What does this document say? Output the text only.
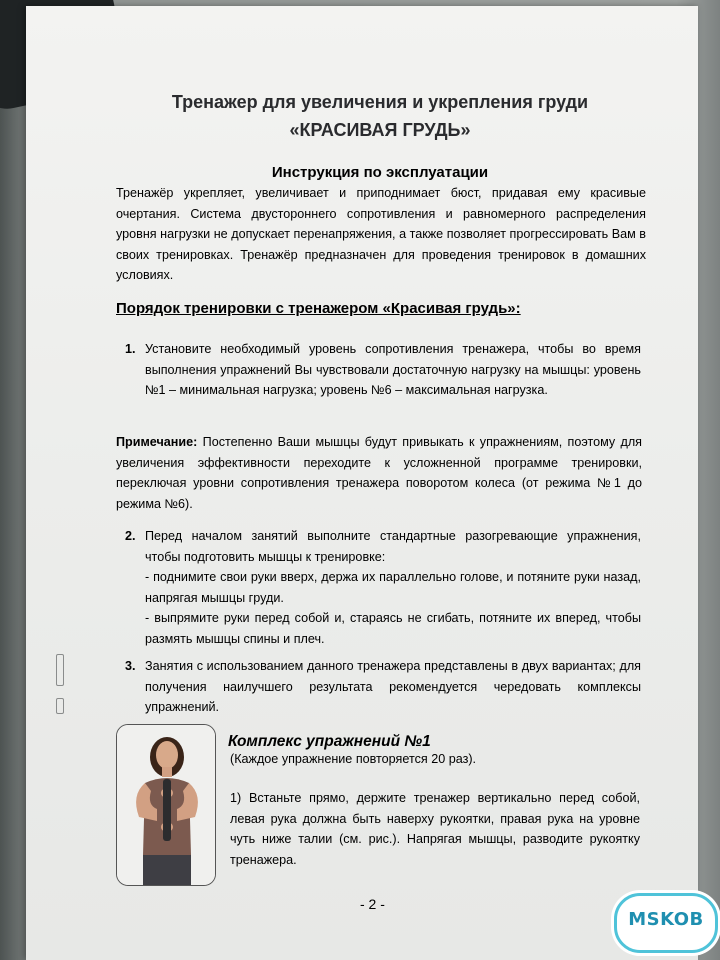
Тренажер для увеличения и укрепления груди
«КРАСИВАЯ ГРУДЬ»
Инструкция по эксплуатации
Тренажёр укрепляет, увеличивает и приподнимает бюст, придавая ему красивые очертания. Система двустороннего сопротивления и равномерного распределения уровня нагрузки не допускает перенапряжения, а также позволяет прогрессировать Вам в своих тренировках. Тренажёр предназначен для проведения тренировок в домашних условиях.
Порядок тренировки с тренажером «Красивая грудь»:
1. Установите необходимый уровень сопротивления тренажера, чтобы во время выполнения упражнений Вы чувствовали достаточную нагрузку на мышцы: уровень №1 – минимальная нагрузка; уровень №6 – максимальная нагрузка.
Примечание: Постепенно Ваши мышцы будут привыкать к упражнениям, поэтому для увеличения эффективности переходите к усложненной программе тренировки, переключая уровни сопротивления тренажера поворотом колеса (от режима №1 до режима №6).
2. Перед началом занятий выполните стандартные разогревающие упражнения, чтобы подготовить мышцы к тренировке:
- поднимите свои руки вверх, держа их параллельно голове, и потяните руки назад, напрягая мышцы груди.
- выпрямите руки перед собой и, стараясь не сгибать, потяните их вперед, чтобы размять мышцы спины и плеч.
3. Занятия с использованием данного тренажера представлены в двух вариантах; для получения наилучшего результата рекомендуется чередовать комплексы упражнений.
Комплекс упражнений №1
(Каждое упражнение повторяется 20 раз).
1) Встаньте прямо, держите тренажер вертикально перед собой, левая рука должна быть наверху рукоятки, правая рука на уровне чуть ниже талии (см. рис.). Напрягая мышцы, разводите рукоятку тренажера.
- 2 -
MSKOB
